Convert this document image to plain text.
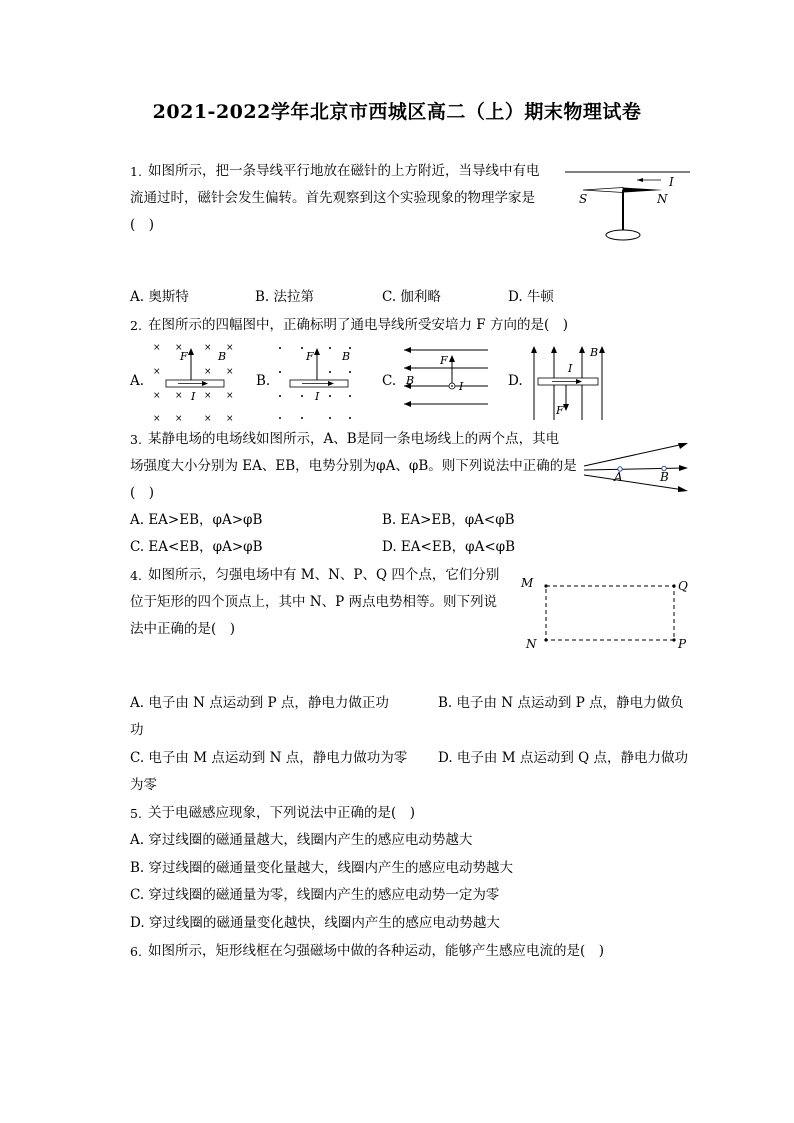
2021-2022学年北京市西城区高二（上）期末物理试卷
1. 如图所示，把一条导线平行地放在磁针的上方附近，当导线中有电
流通过时，磁针会发生偏转。首先观察到这个实验现象的物理学家是
(　)
I
S	N
A. 奥斯特	B. 法拉第	C. 伽利略	D. 牛顿
2. 在图所示的四幅图中，正确标明了通电导线所受安培力 F 方向的是(　)
A.
× × × ×
×	× ×
× × × ×
× × × ×
F	B
I
B.
F	B
I
C.
F
B	I	D.
B
I
F
3. 某静电场的电场线如图所示，A、B是同一条电场线上的两个点，其电
场强度大小分别为 EA、EB，电势分别为φA、φB。则下列说法中正确的是
(　)
A	B
A. EA>EB，φA>φB	B. EA>EB，φA<φB
C. EA<EB，φA>φB	D. EA<EB，φA<φB
4. 如图所示，匀强电场中有 M、N、P、Q 四个点，它们分别
位于矩形的四个顶点上，其中 N、P 两点电势相等。则下列说
法中正确的是(　)
M	Q
N	P
A. 电子由 N 点运动到 P 点，静电力做正功	B. 电子由 N 点运动到 P 点，静电力做负
功
C. 电子由 M 点运动到 N 点，静电力做功为零 D. 电子由 M 点运动到 Q 点，静电力做功
为零
5. 关于电磁感应现象，下列说法中正确的是(　)
A. 穿过线圈的磁通量越大，线圈内产生的感应电动势越大
B. 穿过线圈的磁通量变化量越大，线圈内产生的感应电动势越大
C. 穿过线圈的磁通量为零，线圈内产生的感应电动势一定为零
D. 穿过线圈的磁通量变化越快，线圈内产生的感应电动势越大
6. 如图所示，矩形线框在匀强磁场中做的各种运动，能够产生感应电流的是(　)
